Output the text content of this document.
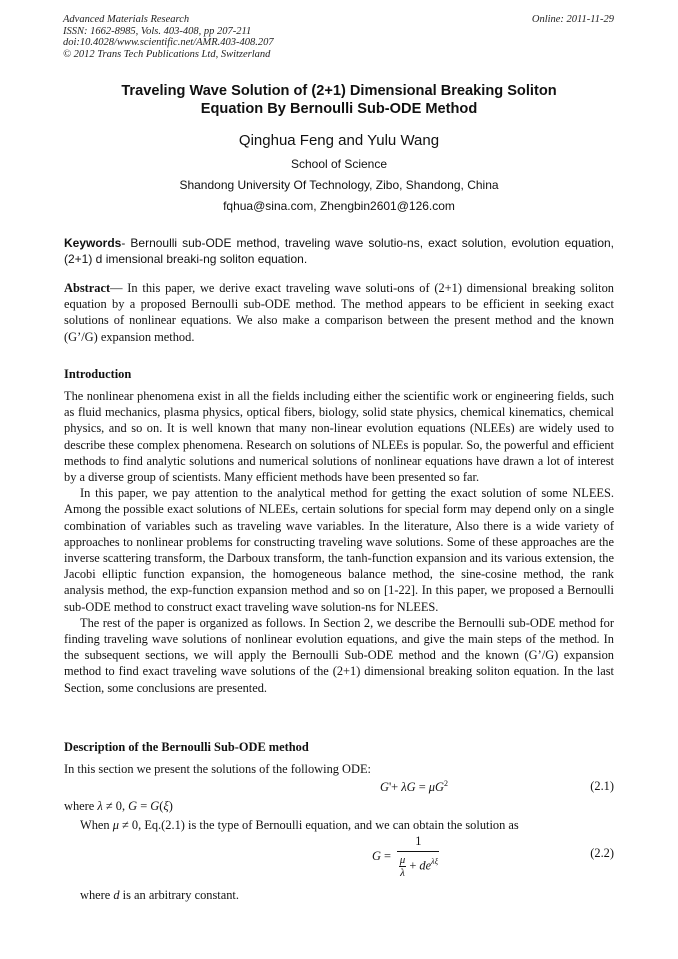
Advanced Materials Research
ISSN: 1662-8985, Vols. 403-408, pp 207-211
doi:10.4028/www.scientific.net/AMR.403-408.207
© 2012 Trans Tech Publications Ltd, Switzerland
Online: 2011-11-29
Traveling Wave Solution of (2+1) Dimensional Breaking Soliton
Equation By Bernoulli Sub-ODE Method
Qinghua Feng and Yulu Wang
School of Science
Shandong University Of Technology, Zibo, Shandong, China
fqhua@sina.com, Zhengbin2601@126.com
Keywords- Bernoulli sub-ODE method, traveling wave solutio-ns, exact solution, evolution equation, (2+1) d imensional breaki-ng soliton equation.
Abstract— In this paper, we derive exact traveling wave soluti-ons of (2+1) dimensional breaking soliton equation by a proposed Bernoulli sub-ODE method. The method appears to be efficient in seeking exact solutions of nonlinear equations. We also make a comparison between the present method and the known (G’/G) expansion method.
Introduction

The nonlinear phenomena exist in all the fields including either the scientific work or engineering fields, such as fluid mechanics, plasma physics, optical fibers, biology, solid state physics, chemical kinematics, chemical physics, and so on. It is well known that many non-linear evolution equations (NLEEs) are widely used to describe these complex phenomena. Research on solutions of NLEEs is popular. So, the powerful and efficient methods to find analytic solutions and numerical solutions of nonlinear equations have drawn a lot of interest by a diverse group of scientists. Many efficient methods have been presented so far.

In this paper, we pay attention to the analytical method for getting the exact solution of some NLEES. Among the possible exact solutions of NLEEs, certain solutions for special form may depend only on a single combination of variables such as traveling wave variables. In the literature, Also there is a wide variety of approaches to nonlinear problems for constructing traveling wave solutions. Some of these approaches are the inverse scattering transform, the Darboux transform, the tanh-function expansion and its various extension, the Jacobi elliptic function expansion, the homogeneous balance method, the sine-cosine method, the rank analysis method, the exp-function expansion method and so on [1-22]. In this paper, we proposed a Bernoulli sub-ODE method to construct exact traveling wave solution-ns for NLEES.

The rest of the paper is organized as follows. In Section 2, we describe the Bernoulli sub-ODE method for finding traveling wave solutions of nonlinear evolution equations, and give the main steps of the method. In the subsequent sections, we will apply the Bernoulli Sub-ODE method and the known (G’/G) expansion method to find exact traveling wave solutions of the (2+1) dimensional breaking soliton equation. In the last Section, some conclusions are presented.

Description of the Bernoulli Sub-ODE method
In this section we present the solutions of the following ODE:
$G'+ \lambda G = \mu G^2$	(2.1)
where λ ≠ 0, G = G(ξ)
When μ ≠ 0, Eq.(2.1) is the type of Bernoulli equation, and we can obtain the solution as
$G = \frac{1}{\frac{\mu}{\lambda} + de^{\lambda\xi}}$	(2.2)
where d is an arbitrary constant.
